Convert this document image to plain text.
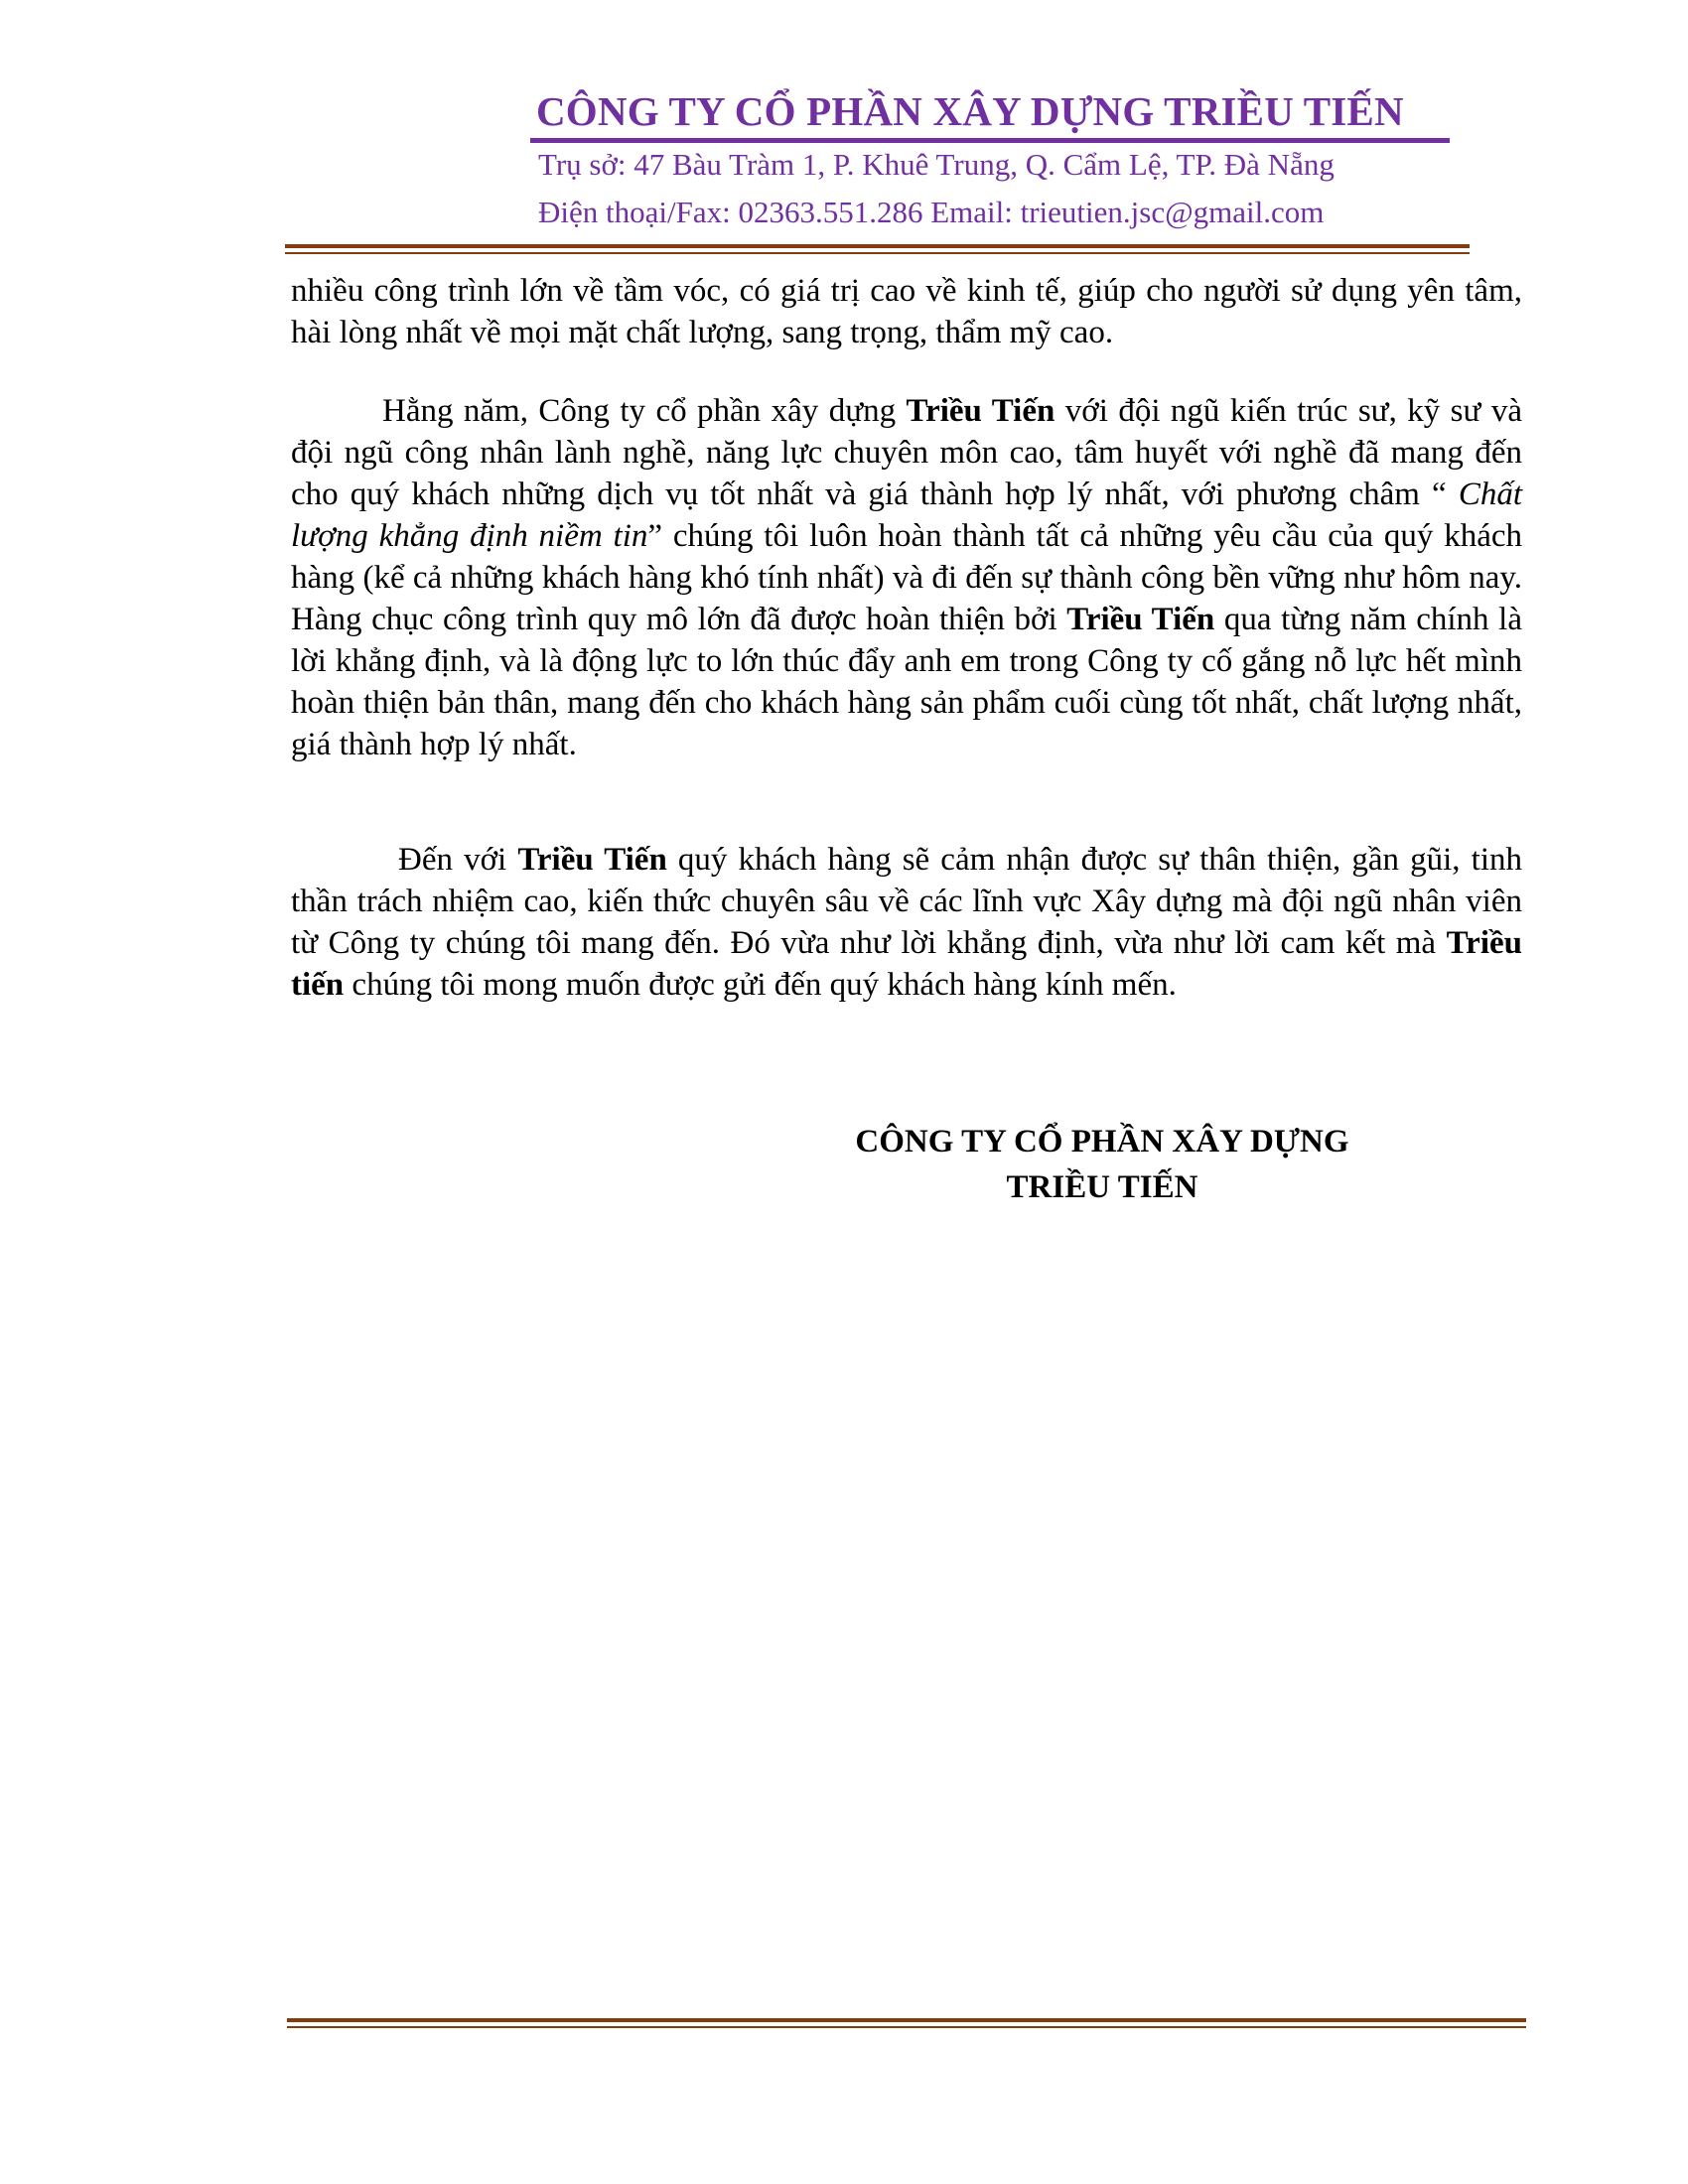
CÔNG TY CỔ PHẦN XÂY DỰNG TRIỀU TIẾN
Trụ sở: 47 Bàu Tràm 1, P. Khuê Trung, Q. Cẩm Lệ, TP. Đà Nẵng
Điện thoại/Fax: 02363.551.286 Email: trieutien.jsc@gmail.com
nhiều công trình lớn về tầm vóc, có giá trị cao về kinh tế, giúp cho người sử dụng yên tâm, hài lòng nhất về mọi mặt chất lượng, sang trọng, thẩm mỹ cao.
Hằng năm, Công ty cổ phần xây dựng Triều Tiến với đội ngũ kiến trúc sư, kỹ sư và đội ngũ công nhân lành nghề, năng lực chuyên môn cao, tâm huyết với nghề đã mang đến cho quý khách những dịch vụ tốt nhất và giá thành hợp lý nhất, với phương châm “ Chất lượng khẳng định niềm tin” chúng tôi luôn hoàn thành tất cả những yêu cầu của quý khách hàng (kể cả những khách hàng khó tính nhất) và đi đến sự thành công bền vững như hôm nay. Hàng chục công trình quy mô lớn đã được hoàn thiện bởi Triều Tiến qua từng năm chính là lời khẳng định, và là động lực to lớn thúc đẩy anh em trong Công ty cố gắng nỗ lực hết mình hoàn thiện bản thân, mang đến cho khách hàng sản phẩm cuối cùng tốt nhất, chất lượng nhất, giá thành hợp lý nhất.
Đến với Triều Tiến quý khách hàng sẽ cảm nhận được sự thân thiện, gần gũi, tinh thần trách nhiệm cao, kiến thức chuyên sâu về các lĩnh vực Xây dựng mà đội ngũ nhân viên từ Công ty chúng tôi mang đến. Đó vừa như lời khẳng định, vừa như lời cam kết mà Triều tiến chúng tôi mong muốn được gửi đến quý khách hàng kính mến.
CÔNG TY CỔ PHẦN XÂY DỰNG
TRIỀU TIẾN
